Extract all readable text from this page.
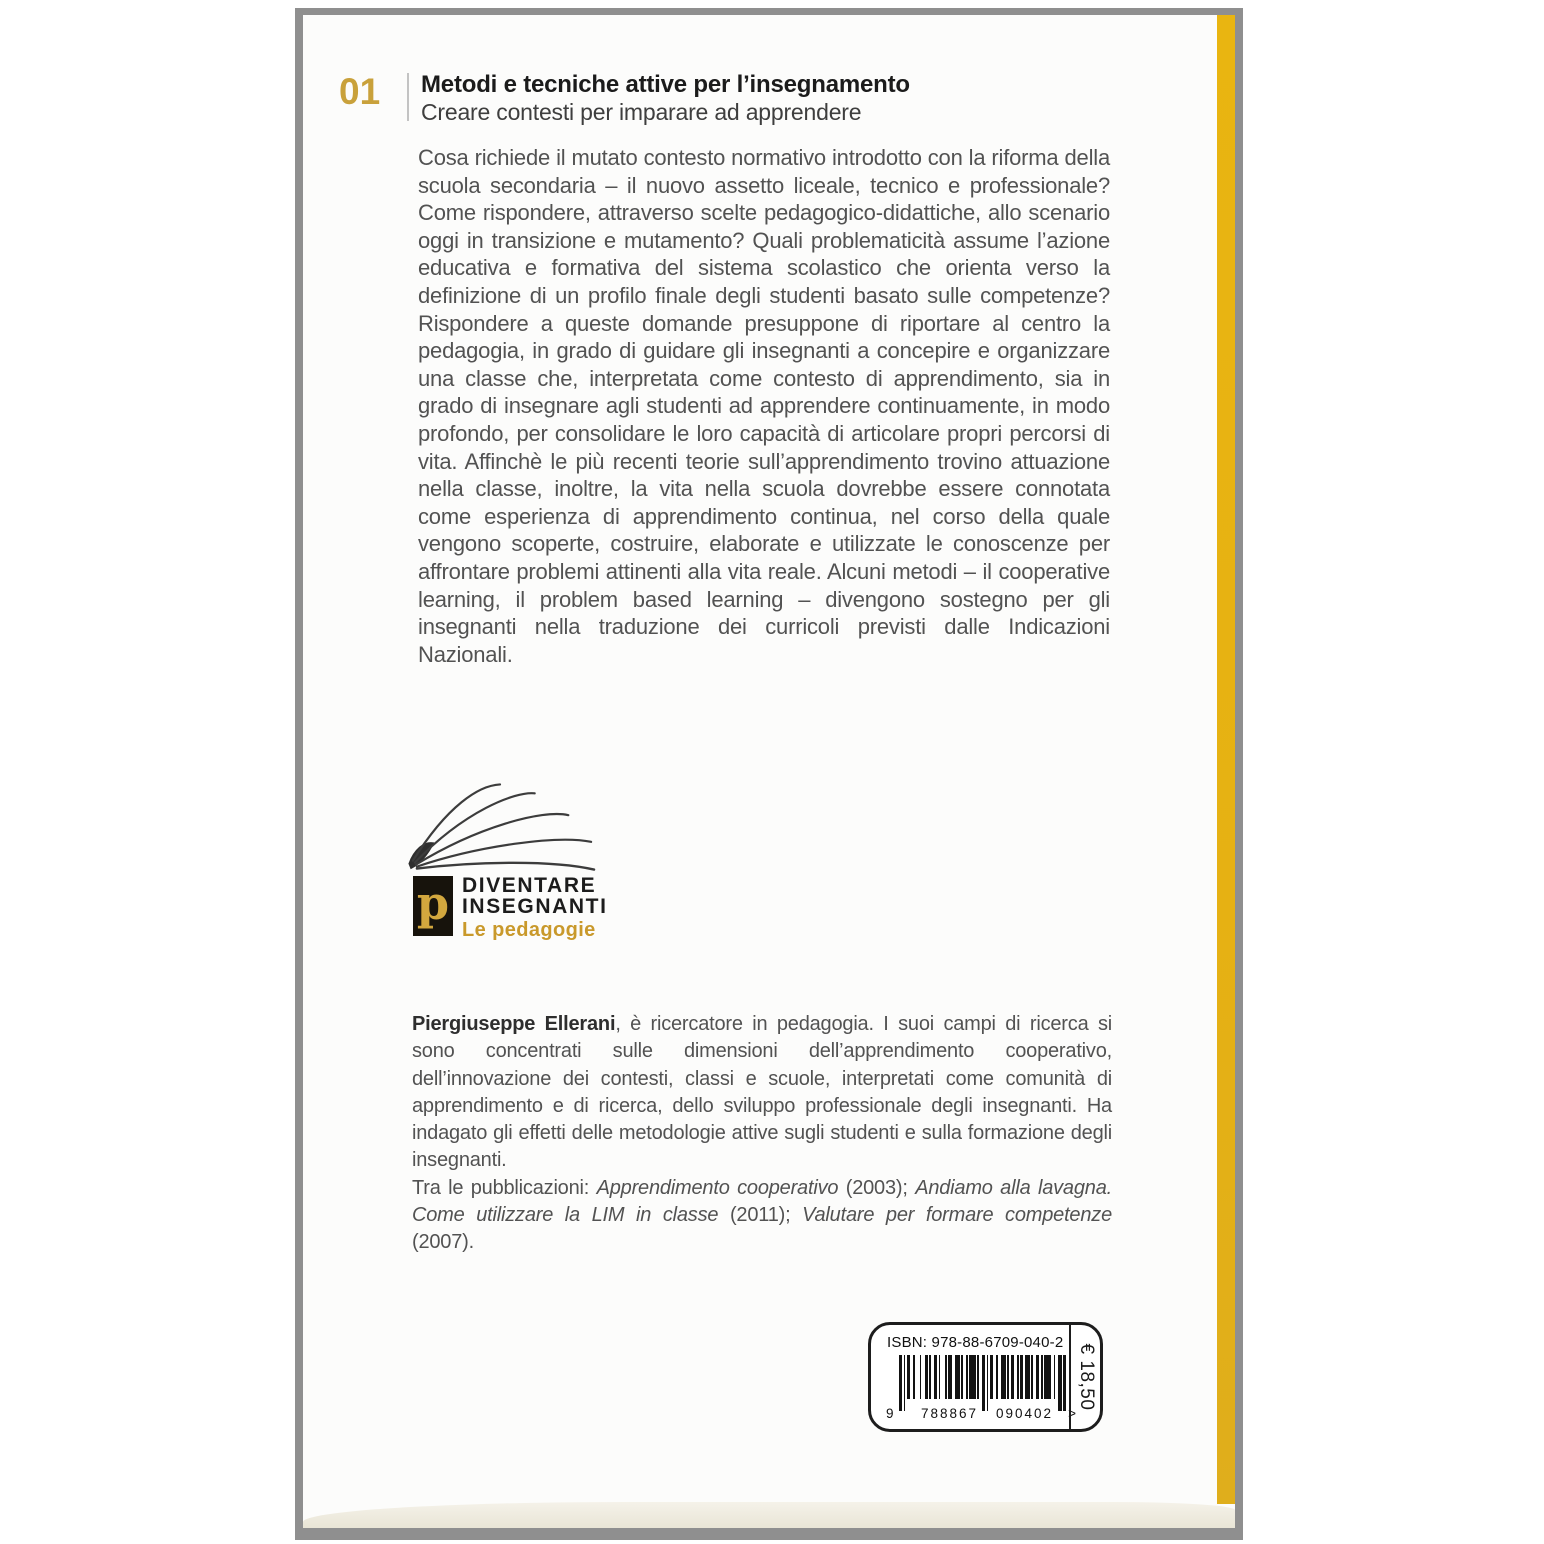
01 Metodi e tecniche attive per l’insegnamento
Creare contesti per imparare ad apprendere

Cosa richiede il mutato contesto normativo introdotto con la riforma della scuola secondaria – il nuovo assetto liceale, tecnico e professionale? Come rispondere, attraverso scelte pedagogico-didattiche, allo scenario oggi in transizione e mutamento? Quali problematicità assume l’azione educativa e formativa del sistema scolastico che orienta verso la definizione di un profilo finale degli studenti basato sulle competenze? Rispondere a queste domande presuppone di riportare al centro la pedagogia, in grado di guidare gli insegnanti a concepire e organizzare una classe che, interpretata come contesto di apprendimento, sia in grado di insegnare agli studenti ad apprendere continuamente, in modo profondo, per consolidare le loro capacità di articolare propri percorsi di vita. Affinchè le più recenti teorie sull’apprendimento trovino attuazione nella classe, inoltre, la vita nella scuola dovrebbe essere connotata come esperienza di apprendimento continua, nel corso della quale vengono scoperte, costruire, elaborate e utilizzate le conoscenze per affrontare problemi attinenti alla vita reale. Alcuni metodi – il cooperative learning, il problem based learning – divengono sostegno per gli insegnanti nella traduzione dei curricoli previsti dalle Indicazioni Nazionali.

p DIVENTARE
INSEGNANTI
Le pedagogie

Piergiuseppe Ellerani, è ricercatore in pedagogia. I suoi campi di ricerca si sono concentrati sulle dimensioni dell’apprendimento cooperativo, dell’innovazione dei contesti, classi e scuole, interpretati come comunità di apprendimento e di ricerca, dello sviluppo professionale degli insegnanti. Ha indagato gli effetti delle metodologie attive sugli studenti e sulla formazione degli insegnanti.

Tra le pubblicazioni: Apprendimento cooperativo (2003); Andiamo alla lavagna. Come utilizzare la LIM in classe (2011); Valutare per formare competenze (2007).

ISBN: 978-88-6709-040-2
9 788867 090402 >
€ 18,50
